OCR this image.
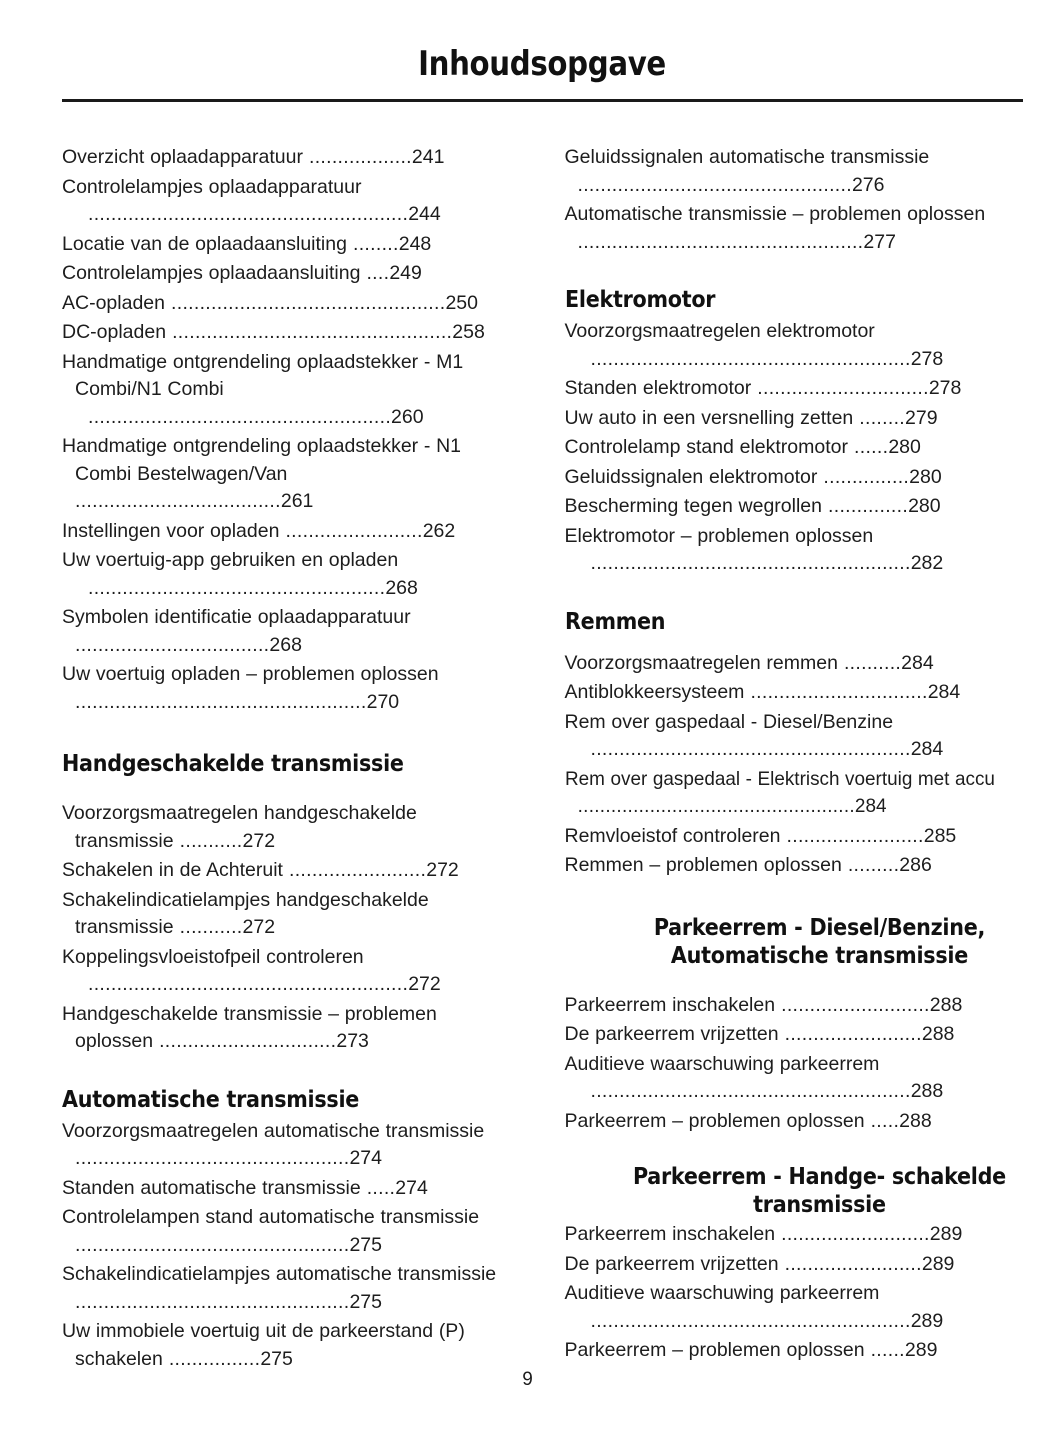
Inhoudsopgave
Overzicht oplaadapparatuur ..................241
Controlelampjes oplaadapparatuur
........................................................244
Locatie van de oplaadaansluiting ........248
Controlelampjes oplaadaansluiting ....249
AC-opladen ................................................250
DC-opladen .................................................258
Handmatige ontgrendeling oplaadstekker - M1 Combi/N1 Combi
.....................................................260
Handmatige ontgrendeling oplaadstekker - N1 Combi Bestelwagen/Van ....................................261
Instellingen voor opladen ........................262
Uw voertuig-app gebruiken en opladen
....................................................268
Symbolen identificatie oplaadapparatuur ..................................268
Uw voertuig opladen – problemen oplossen ...................................................270
Handgeschakelde transmissie
Voorzorgsmaatregelen handgeschakelde transmissie ...........272
Schakelen in de Achteruit ........................272
Schakelindicatielampjes handgeschakelde transmissie ...........272
Koppelingsvloeistofpeil controleren
........................................................272
Handgeschakelde transmissie – problemen oplossen ...............................273
Automatische transmissie
Voorzorgsmaatregelen automatische transmissie ................................................274
Standen automatische transmissie .....274
Controlelampen stand automatische transmissie ................................................275
Schakelindicatielampjes automatische transmissie ................................................275
Uw immobiele voertuig uit de parkeerstand (P) schakelen ................275
Geluidssignalen automatische transmissie ................................................276
Automatische transmissie – problemen oplossen ..................................................277
Elektromotor
Voorzorgsmaatregelen elektromotor
........................................................278
Standen elektromotor ..............................278
Uw auto in een versnelling zetten ........279
Controlelamp stand elektromotor ......280
Geluidssignalen elektromotor ...............280
Bescherming tegen wegrollen ..............280
Elektromotor – problemen oplossen
........................................................282
Remmen
Voorzorgsmaatregelen remmen ..........284
Antiblokkeersysteem ...............................284
Rem over gaspedaal - Diesel/Benzine
........................................................284
Rem over gaspedaal - Elektrisch voertuig met accu ..................................................284
Remvloeistof controleren ........................285
Remmen – problemen oplossen .........286
Parkeerrem - Diesel/Benzine, Automatische transmissie
Parkeerrem inschakelen ..........................288
De parkeerrem vrijzetten ........................288
Auditieve waarschuwing parkeerrem
........................................................288
Parkeerrem – problemen oplossen .....288
Parkeerrem - Handge- schakelde transmissie
Parkeerrem inschakelen ..........................289
De parkeerrem vrijzetten ........................289
Auditieve waarschuwing parkeerrem
........................................................289
Parkeerrem – problemen oplossen ......289
9
